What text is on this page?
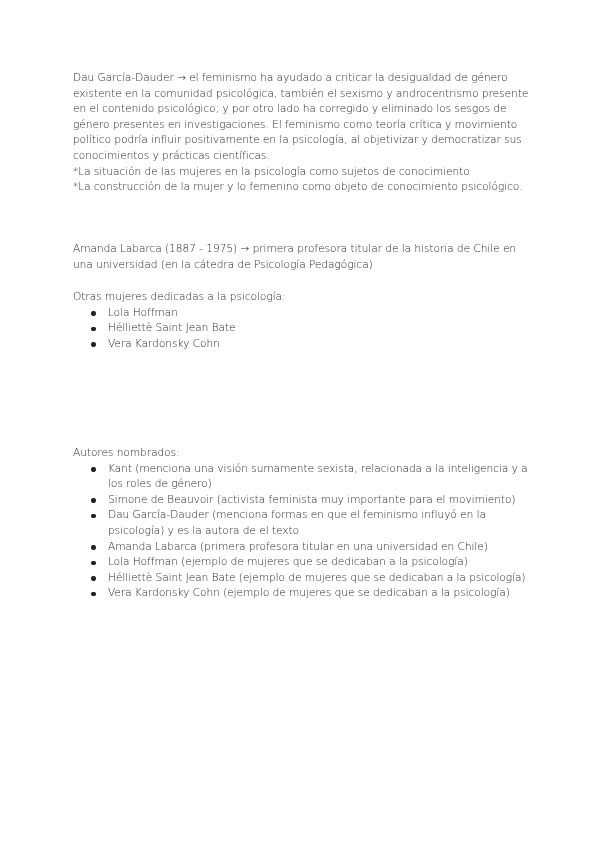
Dau García-Dauder → el feminismo ha ayudado a criticar la desigualdad de género existente en la comunidad psicológica, también el sexismo y androcentrismo presente en el contenido psicológico; y por otro lado ha corregido y eliminado los sesgos de género presentes en investigaciones. El feminismo como teoría crítica y movimiento político podría influir positivamente en la psicología, al objetivizar y democratizar sus conocimientos y prácticas científicas.

*La situación de las mujeres en la psicología como sujetos de conocimiento

*La construcción de la mujer y lo femenino como objeto de conocimiento psicológico.

Amanda Labarca (1887 - 1975) → primera profesora titular de la historia de Chile en una universidad (en la cátedra de Psicología Pedagógica)

Otras mujeres dedicadas a la psicología:

Lola Hoffman
Hélliettè Saint Jean Bate
Vera Kardonsky Cohn

Autores nombrados:

Kant (menciona una visión sumamente sexista, relacionada a la inteligencia y a los roles de género)
Simone de Beauvoir (activista feminista muy importante para el movimiento)
Dau García-Dauder (menciona formas en que el feminismo influyó en la psicología) y es la autora de el texto
Amanda Labarca (primera profesora titular en una universidad en Chile)
Lola Hoffman (ejemplo de mujeres que se dedicaban a la psicología)
Hélliettè Saint Jean Bate (ejemplo de mujeres que se dedicaban a la psicología)
Vera Kardonsky Cohn (ejemplo de mujeres que se dedicaban a la psicología)
